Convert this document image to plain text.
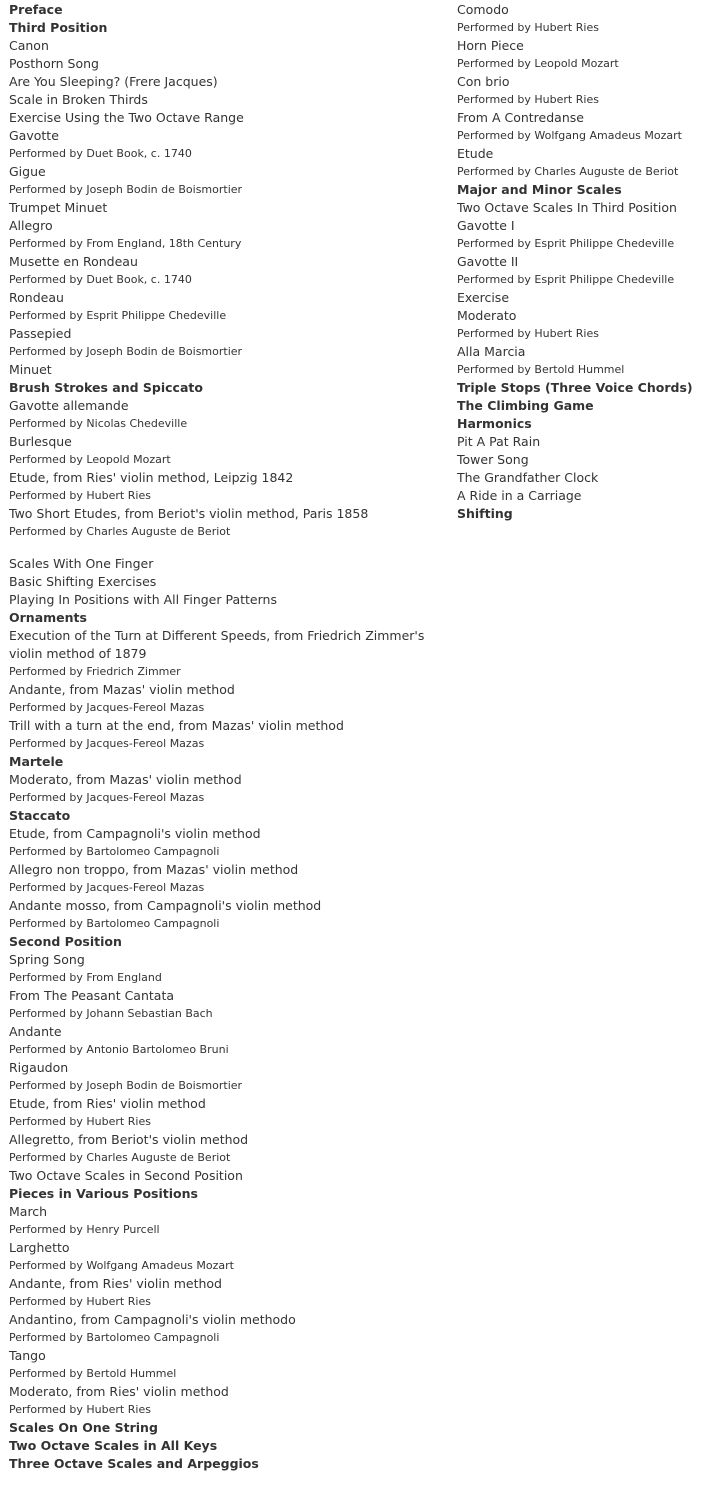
Preface
Third Position
Canon
Posthorn Song
Are You Sleeping? (Frere Jacques)
Scale in Broken Thirds
Exercise Using the Two Octave Range
Gavotte
Performed by Duet Book, c. 1740
Gigue
Performed by Joseph Bodin de Boismortier
Trumpet Minuet
Allegro
Performed by From England, 18th Century
Musette en Rondeau
Performed by Duet Book, c. 1740
Rondeau
Performed by Esprit Philippe Chedeville
Passepied
Performed by Joseph Bodin de Boismortier
Minuet
Brush Strokes and Spiccato
Gavotte allemande
Performed by Nicolas Chedeville
Burlesque
Performed by Leopold Mozart
Etude, from Ries' violin method, Leipzig 1842
Performed by Hubert Ries
Two Short Etudes, from Beriot's violin method, Paris 1858
Performed by Charles Auguste de Beriot
Scales With One Finger
Basic Shifting Exercises
Playing In Positions with All Finger Patterns
Ornaments
Execution of the Turn at Different Speeds, from Friedrich Zimmer's violin method of 1879
Performed by Friedrich Zimmer
Andante, from Mazas' violin method
Performed by Jacques-Fereol Mazas
Trill with a turn at the end, from Mazas' violin method
Performed by Jacques-Fereol Mazas
Martele
Moderato, from Mazas' violin method
Performed by Jacques-Fereol Mazas
Staccato
Etude, from Campagnoli's violin method
Performed by Bartolomeo Campagnoli
Allegro non troppo, from Mazas' violin method
Performed by Jacques-Fereol Mazas
Andante mosso, from Campagnoli's violin method
Performed by Bartolomeo Campagnoli
Second Position
Spring Song
Performed by From England
From The Peasant Cantata
Performed by Johann Sebastian Bach
Andante
Performed by Antonio Bartolomeo Bruni
Rigaudon
Performed by Joseph Bodin de Boismortier
Etude, from Ries' violin method
Performed by Hubert Ries
Allegretto, from Beriot's violin method
Performed by Charles Auguste de Beriot
Two Octave Scales in Second Position
Pieces in Various Positions
March
Performed by Henry Purcell
Larghetto
Performed by Wolfgang Amadeus Mozart
Andante, from Ries' violin method
Performed by Hubert Ries
Andantino, from Campagnoli's violin methodo
Performed by Bartolomeo Campagnoli
Tango
Performed by Bertold Hummel
Moderato, from Ries' violin method
Performed by Hubert Ries
Scales On One String
Two Octave Scales in All Keys
Three Octave Scales and Arpeggios
Comodo
Performed by Hubert Ries
Horn Piece
Performed by Leopold Mozart
Con brio
Performed by Hubert Ries
From A Contredanse
Performed by Wolfgang Amadeus Mozart
Etude
Performed by Charles Auguste de Beriot
Major and Minor Scales
Two Octave Scales In Third Position
Gavotte I
Performed by Esprit Philippe Chedeville
Gavotte II
Performed by Esprit Philippe Chedeville
Exercise
Moderato
Performed by Hubert Ries
Alla Marcia
Performed by Bertold Hummel
Triple Stops (Three Voice Chords)
The Climbing Game
Harmonics
Pit A Pat Rain
Tower Song
The Grandfather Clock
A Ride in a Carriage
Shifting
